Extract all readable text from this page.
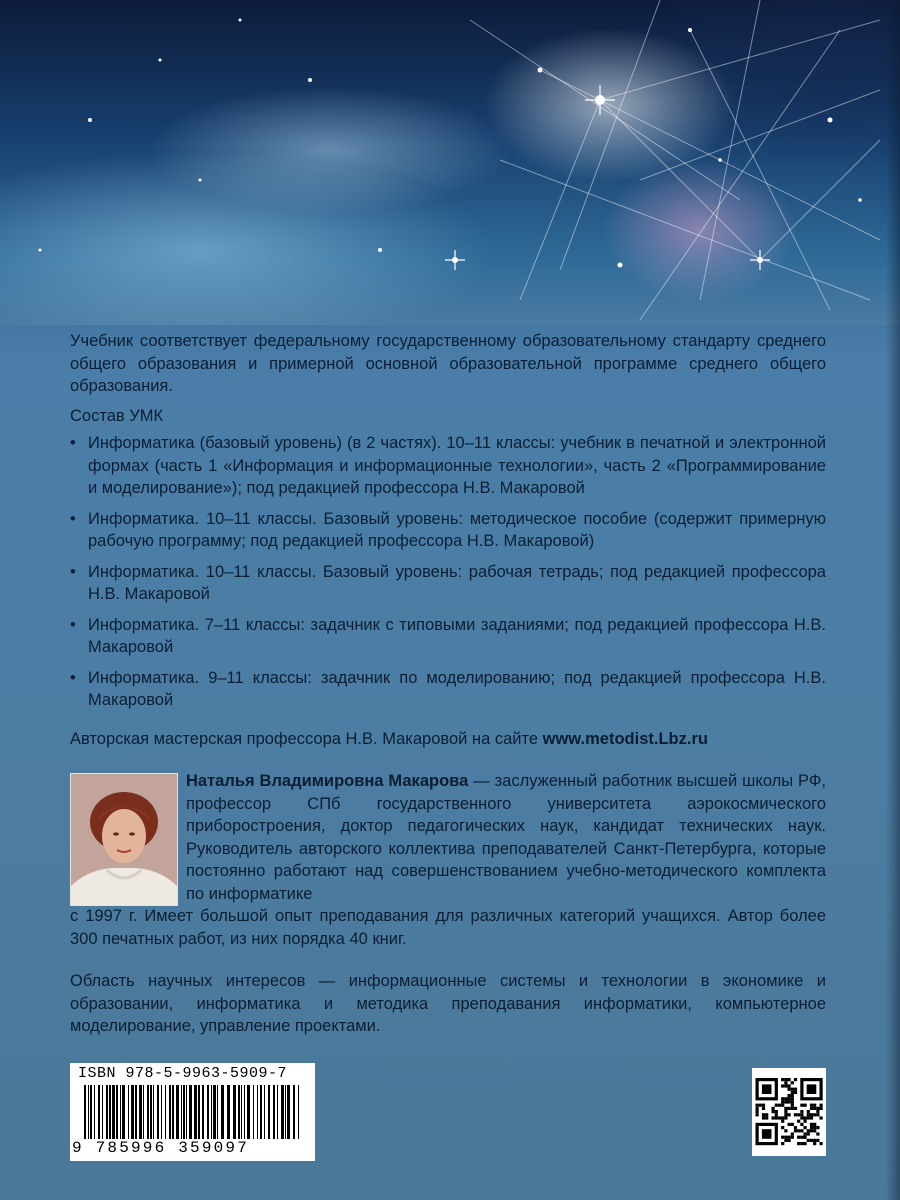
Учебник соответствует федеральному государственному образовательному стандарту среднего общего образования и примерной основной образовательной программе среднего общего образования.
Состав УМК
• Информатика (базовый уровень) (в 2 частях). 10–11 классы: учебник в печатной и электронной формах (часть 1 «Информация и информационные технологии», часть 2 «Программирование и моделирование»); под редакцией профессора Н.В. Макаровой
• Информатика. 10–11 классы. Базовый уровень: методическое пособие (содержит примерную рабочую программу; под редакцией профессора Н.В. Макаровой)
• Информатика. 10–11 классы. Базовый уровень: рабочая тетрадь; под редакцией профессора Н.В. Макаровой
• Информатика. 7–11 классы: задачник с типовыми заданиями; под редакцией профессора Н.В. Макаровой
• Информатика. 9–11 классы: задачник по моделированию; под редакцией профессора Н.В. Макаровой
Авторская мастерская профессора Н.В. Макаровой на сайте www.metodist.Lbz.ru
Наталья Владимировна Макарова — заслуженный работник высшей школы РФ, профессор СПб государственного университета аэрокосмического приборостроения, доктор педагогических наук, кандидат технических наук. Руководитель авторского коллектива преподавателей Санкт-Петербурга, которые постоянно работают над совершенствованием учебно-методического комплекта по информатике
с 1997 г. Имеет большой опыт преподавания для различных категорий учащихся. Автор более 300 печатных работ, из них порядка 40 книг.
Область научных интересов — информационные системы и технологии в экономике и образовании, информатика и методика преподавания информатики, компьютерное моделирование, управление проектами.
ISBN 978-5-9963-5909-7
9 785996 359097
